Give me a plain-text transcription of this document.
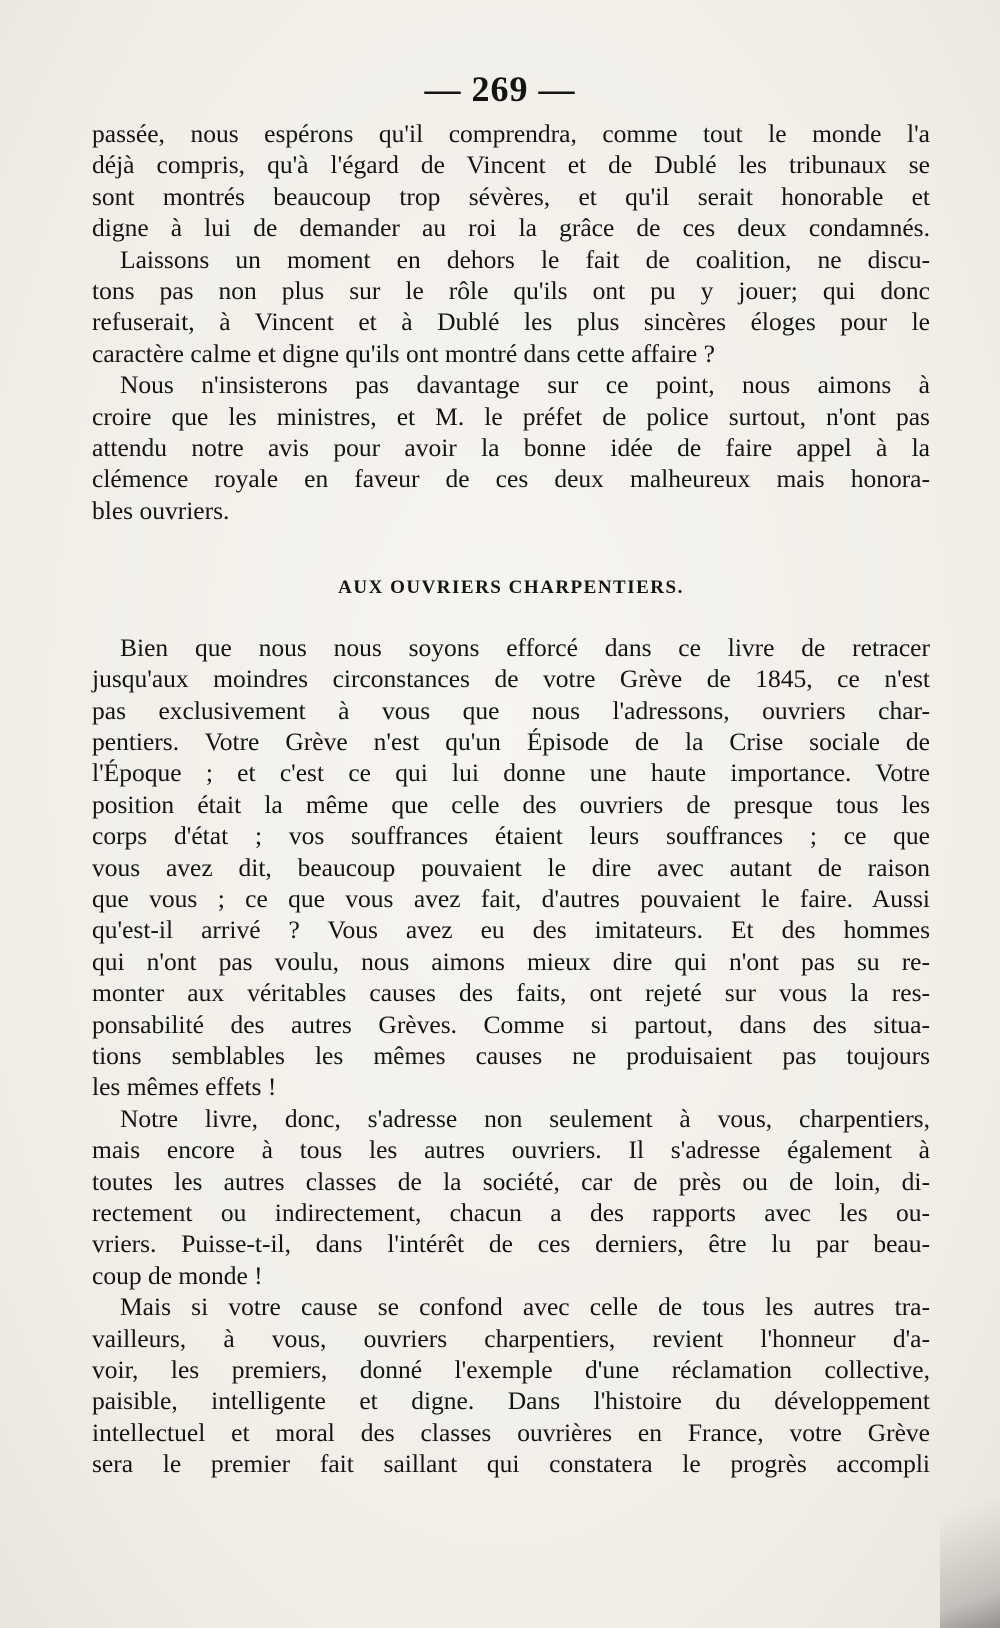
— 269 —

passée, nous espérons qu'il comprendra, comme tout le monde l'a
déjà compris, qu'à l'égard de Vincent et de Dublé les tribunaux se
sont montrés beaucoup trop sévères, et qu'il serait honorable et
digne à lui de demander au roi la grâce de ces deux condamnés.

Laissons un moment en dehors le fait de coalition, ne discu-
tons pas non plus sur le rôle qu'ils ont pu y jouer; qui donc
refuserait, à Vincent et à Dublé les plus sincères éloges pour le
caractère calme et digne qu'ils ont montré dans cette affaire ?

Nous n'insisterons pas davantage sur ce point, nous aimons à
croire que les ministres, et M. le préfet de police surtout, n'ont pas
attendu notre avis pour avoir la bonne idée de faire appel à la
clémence royale en faveur de ces deux malheureux mais honora-
bles ouvriers.

AUX OUVRIERS CHARPENTIERS.

Bien que nous nous soyons efforcé dans ce livre de retracer
jusqu'aux moindres circonstances de votre Grève de 1845, ce n'est
pas exclusivement à vous que nous l'adressons, ouvriers char-
pentiers. Votre Grève n'est qu'un Épisode de la Crise sociale de
l'Époque ; et c'est ce qui lui donne une haute importance. Votre
position était la même que celle des ouvriers de presque tous les
corps d'état ; vos souffrances étaient leurs souffrances ; ce que
vous avez dit, beaucoup pouvaient le dire avec autant de raison
que vous ; ce que vous avez fait, d'autres pouvaient le faire. Aussi
qu'est-il arrivé ? Vous avez eu des imitateurs. Et des hommes
qui n'ont pas voulu, nous aimons mieux dire qui n'ont pas su re-
monter aux véritables causes des faits, ont rejeté sur vous la res-
ponsabilité des autres Grèves. Comme si partout, dans des situa-
tions semblables les mêmes causes ne produisaient pas toujours
les mêmes effets !

Notre livre, donc, s'adresse non seulement à vous, charpentiers,
mais encore à tous les autres ouvriers. Il s'adresse également à
toutes les autres classes de la société, car de près ou de loin, di-
rectement ou indirectement, chacun a des rapports avec les ou-
vriers. Puisse-t-il, dans l'intérêt de ces derniers, être lu par beau-
coup de monde !

Mais si votre cause se confond avec celle de tous les autres tra-
vailleurs, à vous, ouvriers charpentiers, revient l'honneur d'a-
voir, les premiers, donné l'exemple d'une réclamation collective,
paisible, intelligente et digne. Dans l'histoire du développement
intellectuel et moral des classes ouvrières en France, votre Grève
sera le premier fait saillant qui constatera le progrès accompli
